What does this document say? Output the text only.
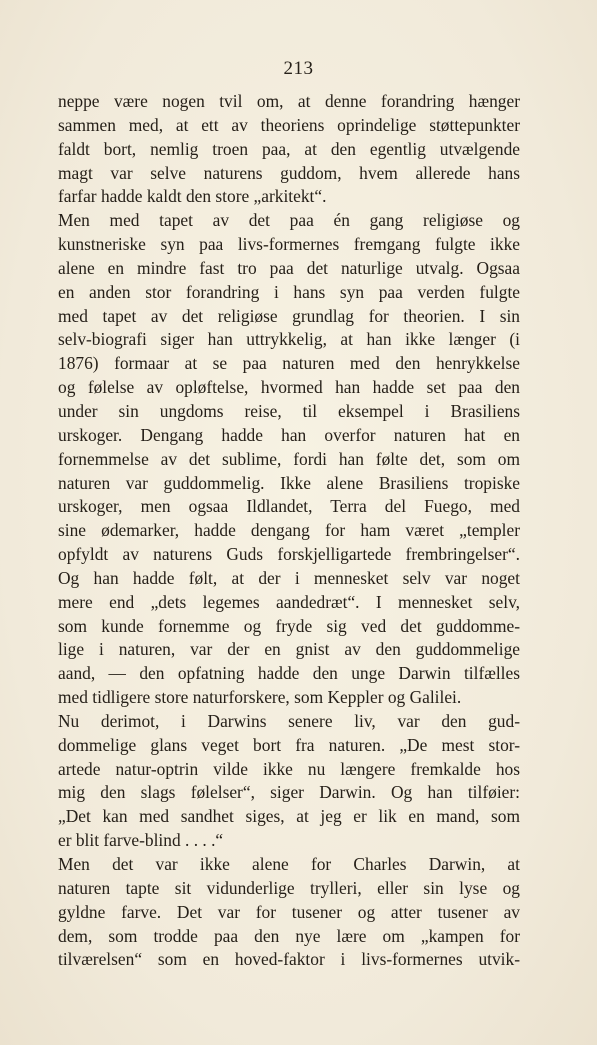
213
neppe være nogen tvil om, at denne forandring hænger
sammen med, at ett av theoriens oprindelige støttepunkter
faldt bort, nemlig troen paa, at den egentlig utvælgende
magt var selve naturens guddom, hvem allerede hans
farfar hadde kaldt den store „arkitekt“.
Men med tapet av det paa én gang religiøse og
kunstneriske syn paa livs-formernes fremgang fulgte ikke
alene en mindre fast tro paa det naturlige utvalg. Ogsaa
en anden stor forandring i hans syn paa verden fulgte
med tapet av det religiøse grundlag for theorien. I sin
selv-biografi siger han uttrykkelig, at han ikke længer (i
1876) formaar at se paa naturen med den henrykkelse
og følelse av opløftelse, hvormed han hadde set paa den
under sin ungdoms reise, til eksempel i Brasiliens
urskoger. Dengang hadde han overfor naturen hat en
fornemmelse av det sublime, fordi han følte det, som om
naturen var guddommelig. Ikke alene Brasiliens tropiske
urskoger, men ogsaa Ildlandet, Terra del Fuego, med
sine ødemarker, hadde dengang for ham været „templer
opfyldt av naturens Guds forskjelligartede frembringelser“.
Og han hadde følt, at der i mennesket selv var noget
mere end „dets legemes aandedræt“. I mennesket selv,
som kunde fornemme og fryde sig ved det guddomme-
lige i naturen, var der en gnist av den guddommelige
aand, — den opfatning hadde den unge Darwin tilfælles
med tidligere store naturforskere, som Keppler og Galilei.
Nu derimot, i Darwins senere liv, var den gud-
dommelige glans veget bort fra naturen. „De mest stor-
artede natur-optrin vilde ikke nu længere fremkalde hos
mig den slags følelser“, siger Darwin. Og han tilføier:
„Det kan med sandhet siges, at jeg er lik en mand, som
er blit farve-blind . . . .“
Men det var ikke alene for Charles Darwin, at
naturen tapte sit vidunderlige trylleri, eller sin lyse og
gyldne farve. Det var for tusener og atter tusener av
dem, som trodde paa den nye lære om „kampen for
tilværelsen“ som en hoved-faktor i livs-formernes utvik-
